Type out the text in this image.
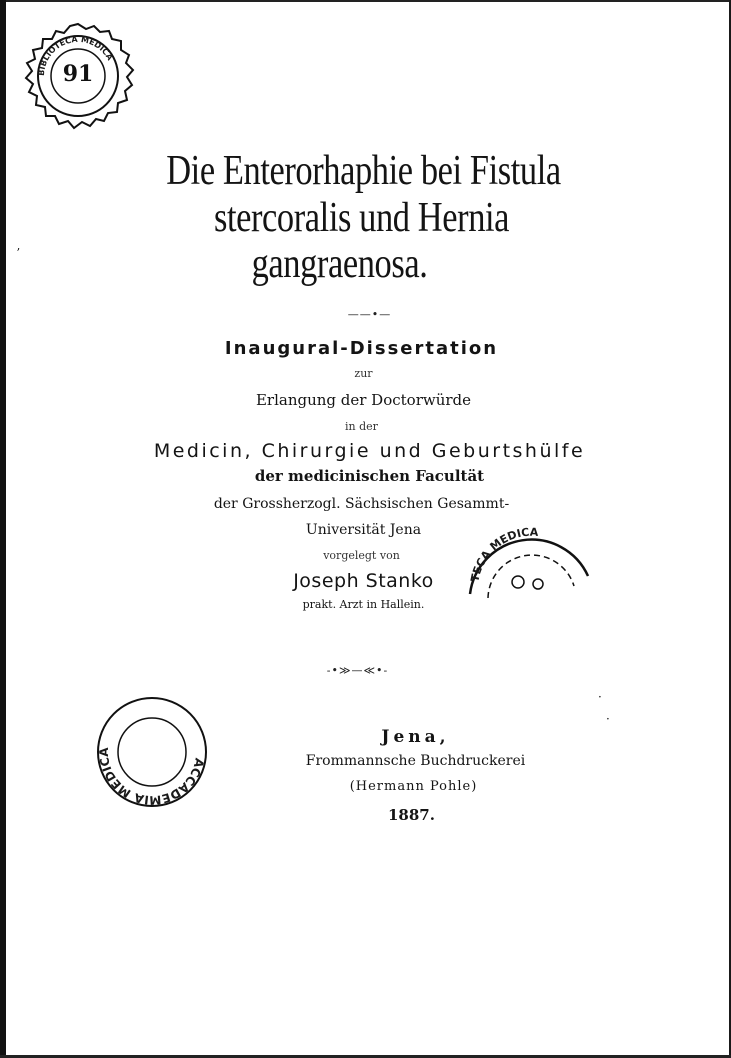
BIBLIOTECA MEDICA
91
Die Enterorhaphie bei Fistula
stercoralis und Hernia
gangraenosa.
——•—
Inaugural-Dissertation
zur
Erlangung der Doctorwürde
in der
Medicin, Chirurgie und Geburtshülfe
der medicinischen Facultät
der Grossherzogl. Sächsischen Gesammt-
Universität Jena
vorgelegt von
Joseph Stanko
prakt. Arzt in Hallein.
TECA MEDICA
-•≫—≪•-
ACCADEMIA MEDICA
Jena,
Frommannsche Buchdruckerei
(Hermann Pohle)
1887.
ʼ
·
·
